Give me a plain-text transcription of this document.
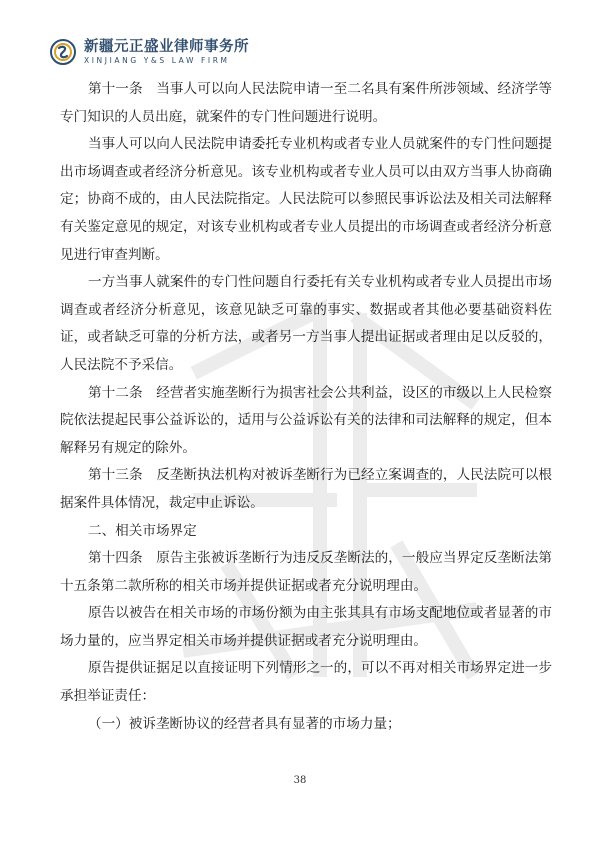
新疆元正盛业律师事务所
XINJIANG Y&S LAW FIRM
元正盛业

第十一条　当事人可以向人民法院申请一至二名具有案件所涉领域、经济学等专门知识的人员出庭，就案件的专门性问题进行说明。

当事人可以向人民法院申请委托专业机构或者专业人员就案件的专门性问题提出市场调查或者经济分析意见。该专业机构或者专业人员可以由双方当事人协商确定；协商不成的，由人民法院指定。人民法院可以参照民事诉讼法及相关司法解释有关鉴定意见的规定，对该专业机构或者专业人员提出的市场调查或者经济分析意见进行审查判断。

一方当事人就案件的专门性问题自行委托有关专业机构或者专业人员提出市场调查或者经济分析意见，该意见缺乏可靠的事实、数据或者其他必要基础资料佐证，或者缺乏可靠的分析方法，或者另一方当事人提出证据或者理由足以反驳的，人民法院不予采信。

第十二条　经营者实施垄断行为损害社会公共利益，设区的市级以上人民检察院依法提起民事公益诉讼的，适用与公益诉讼有关的法律和司法解释的规定，但本解释另有规定的除外。

第十三条　反垄断执法机构对被诉垄断行为已经立案调查的，人民法院可以根据案件具体情况，裁定中止诉讼。

二、相关市场界定

第十四条　原告主张被诉垄断行为违反反垄断法的，一般应当界定反垄断法第十五条第二款所称的相关市场并提供证据或者充分说明理由。

原告以被告在相关市场的市场份额为由主张其具有市场支配地位或者显著的市场力量的，应当界定相关市场并提供证据或者充分说明理由。

原告提供证据足以直接证明下列情形之一的，可以不再对相关市场界定进一步承担举证责任：

（一）被诉垄断协议的经营者具有显著的市场力量；

38
